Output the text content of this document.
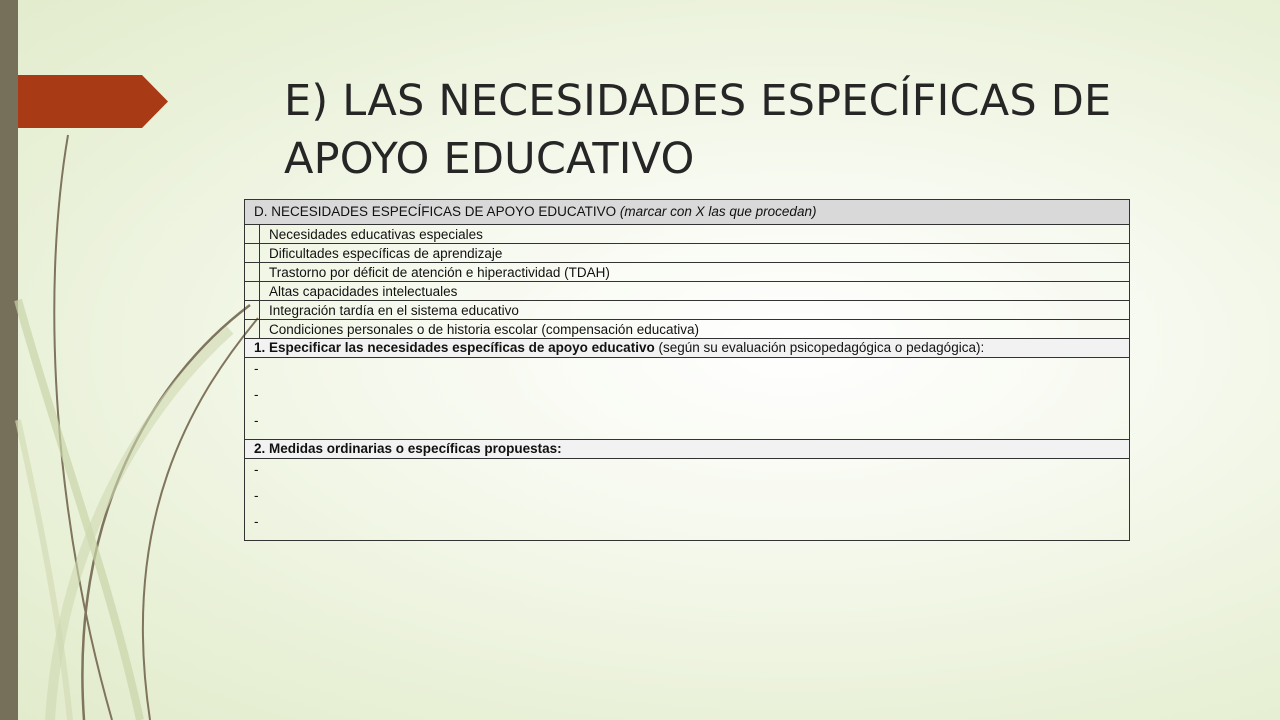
E) LAS NECESIDADES ESPECÍFICAS DE APOYO EDUCATIVO
D. NECESIDADES ESPECÍFICAS DE APOYO EDUCATIVO (marcar con X las que procedan)	
	Necesidades educativas especiales
	Dificultades específicas de aprendizaje
	Trastorno por déficit de atención e hiperactividad (TDAH)
	Altas capacidades intelectuales
	Integración tardía en el sistema educativo
	Condiciones personales o de historia escolar (compensación educativa)
1. Especificar las necesidades específicas de apoyo educativo (según su evaluación psicopedagógica o pedagógica):	

-
-
-	

2. Medidas ordinarias o específicas propuestas:	

-
-
-	
